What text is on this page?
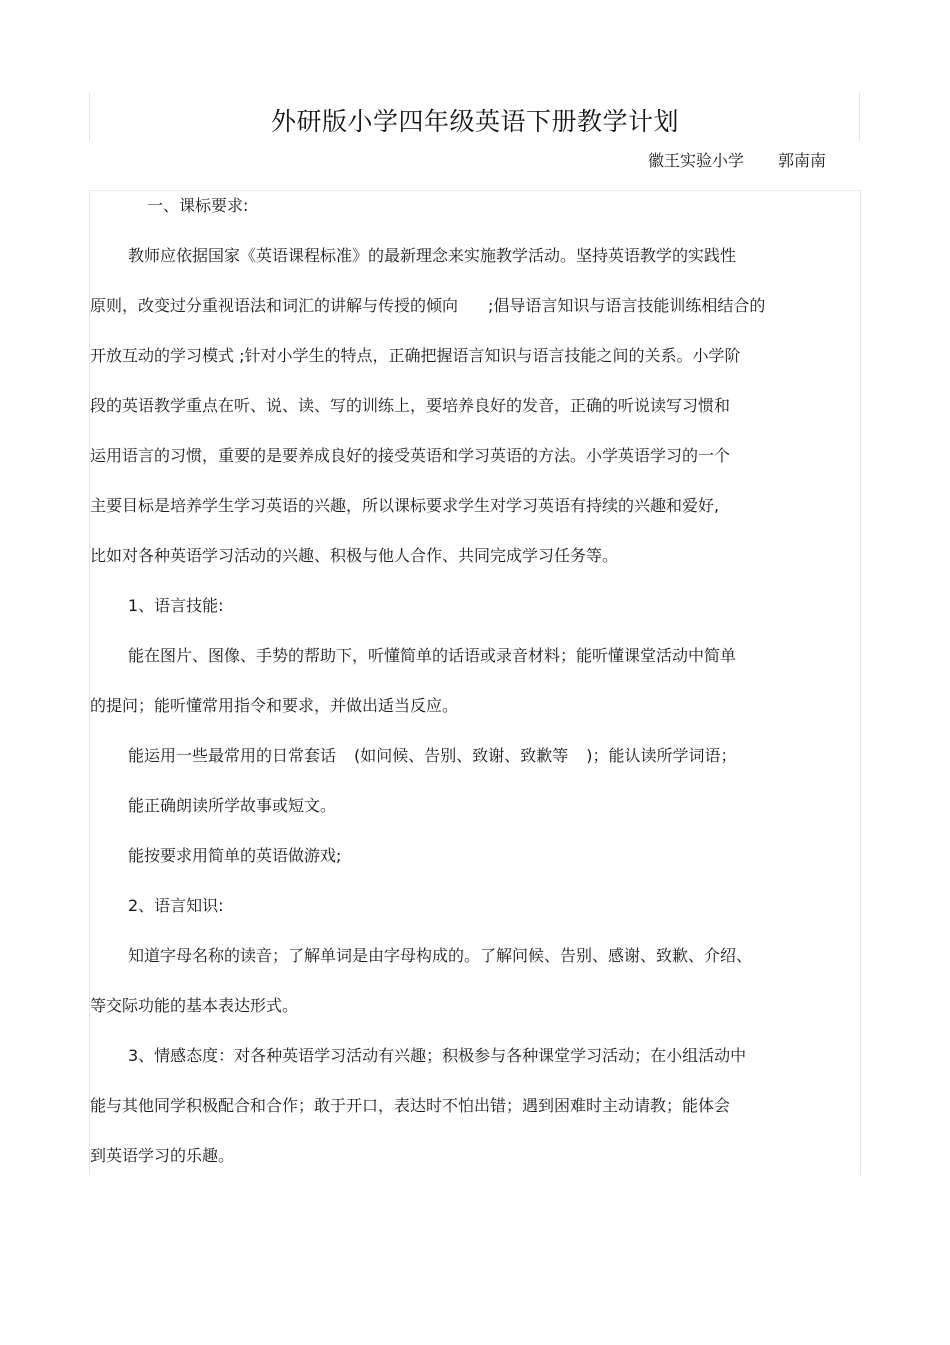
外研版小学四年级英语下册教学计划
徽王实验小学 郭南南
一、课标要求:
教师应依据国家《英语课程标准》的最新理念来实施教学活动。坚持英语教学的实践性
原则，改变过分重视语法和词汇的讲解与传授的倾向 ;倡导语言知识与语言技能训练相结合的
开放互动的学习模式 ;针对小学生的特点，正确把握语言知识与语言技能之间的关系。小学阶
段的英语教学重点在听、说、读、写的训练上，要培养良好的发音，正确的听说读写习惯和
运用语言的习惯，重要的是要养成良好的接受英语和学习英语的方法。小学英语学习的一个
主要目标是培养学生学习英语的兴趣，所以课标要求学生对学习英语有持续的兴趣和爱好,
比如对各种英语学习活动的兴趣、积极与他人合作、共同完成学习任务等。
1、语言技能:
能在图片、图像、手势的帮助下，听懂简单的话语或录音材料；能听懂课堂活动中简单
的提问；能听懂常用指令和要求，并做出适当反应。
能运用一些最常用的日常套话 (如问候、告别、致谢、致歉等 )；能认读所学词语；
能正确朗读所学故事或短文。
能按要求用简单的英语做游戏;
2、语言知识:
知道字母名称的读音；了解单词是由字母构成的。了解问候、告别、感谢、致歉、介绍、
等交际功能的基本表达形式。
3、情感态度：对各种英语学习活动有兴趣；积极参与各种课堂学习活动；在小组活动中
能与其他同学积极配合和合作；敢于开口，表达时不怕出错；遇到困难时主动请教；能体会
到英语学习的乐趣。
